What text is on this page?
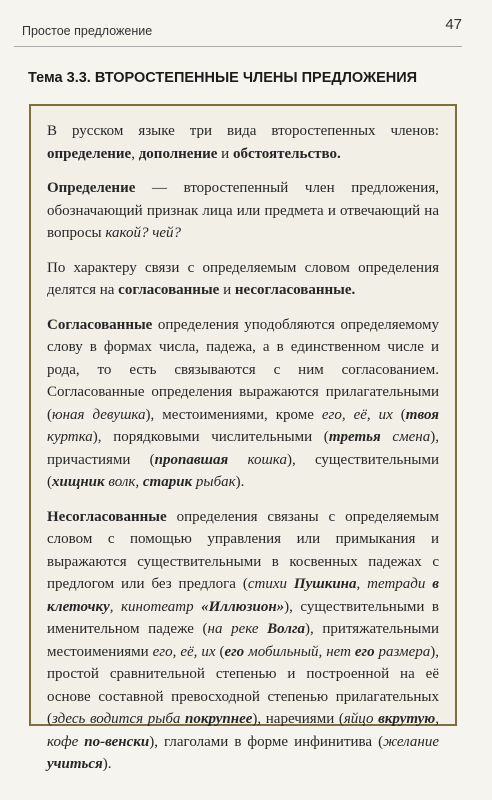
Простое предложение	47
Тема 3.3. ВТОРОСТЕПЕННЫЕ ЧЛЕНЫ ПРЕДЛОЖЕНИЯ

В русском языке три вида второстепенных членов: определение, дополнение и обстоятельство.

Определение — второстепенный член предложения, обозначающий признак лица или предмета и отвечающий на вопросы какой? чей?

По характеру связи с определяемым словом определения делятся на согласованные и несогласованные.

Согласованные определения уподобляются определяемому слову в формах числа, падежа, а в единственном числе и рода, то есть связываются с ним согласованием. Согласованные определения выражаются прилагательными (юная девушка), местоимениями, кроме его, её, их (твоя куртка), порядковыми числительными (третья смена), причастиями (пропавшая кошка), существительными (хищник волк, старик рыбак).

Несогласованные определения связаны с определяемым словом с помощью управления или примыкания и выражаются существительными в косвенных падежах с предлогом или без предлога (стихи Пушкина, тетради в клеточку, кинотеатр «Иллюзион»), существительными в именительном падеже (на реке Волга), притяжательными местоимениями его, её, их (его мобильный, нет его размера), простой сравнительной степенью и построенной на её основе составной превосходной степенью прилагательных (здесь водится рыба покрупнее), наречиями (яйцо вкрутую, кофе по-венски), глаголами в форме инфинитива (желание учиться).
